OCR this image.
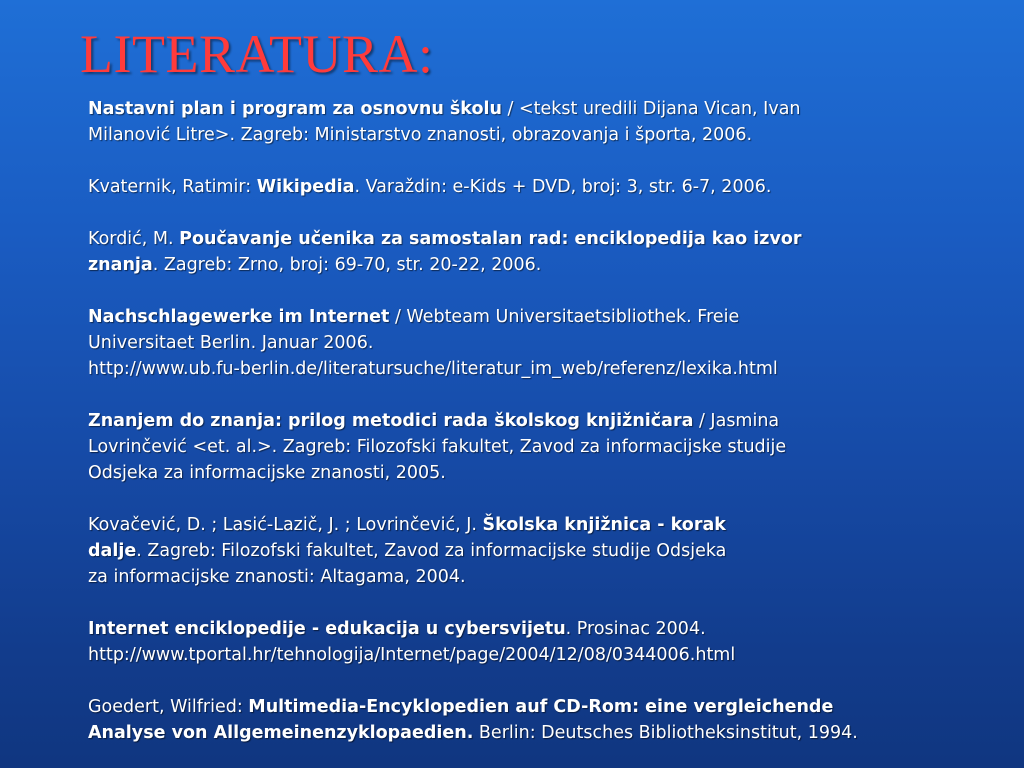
LITERATURA:
Nastavni plan i program za osnovnu školu / <tekst uredili Dijana Vican, Ivan
Milanović Litre>. Zagreb: Ministarstvo znanosti, obrazovanja i športa, 2006.
Kvaternik, Ratimir: Wikipedia. Varaždin: e-Kids + DVD, broj: 3, str. 6-7, 2006.
Kordić, M. Poučavanje učenika za samostalan rad: enciklopedija kao izvor
znanja. Zagreb: Zrno, broj: 69-70, str. 20-22, 2006.
Nachschlagewerke im Internet / Webteam Universitaetsibliothek. Freie
Universitaet Berlin. Januar 2006.
http://www.ub.fu-berlin.de/literatursuche/literatur_im_web/referenz/lexika.html
Znanjem do znanja: prilog metodici rada školskog knjižničara / Jasmina
Lovrinčević <et. al.>. Zagreb: Filozofski fakultet, Zavod za informacijske studije
Odsjeka za informacijske znanosti, 2005.
Kovačević, D. ; Lasić-Lazič, J. ; Lovrinčević, J. Školska knjižnica - korak
dalje. Zagreb: Filozofski fakultet, Zavod za informacijske studije Odsjeka
za informacijske znanosti: Altagama, 2004.
Internet enciklopedije - edukacija u cybersvijetu. Prosinac 2004.
http://www.tportal.hr/tehnologija/Internet/page/2004/12/08/0344006.html
Goedert, Wilfried: Multimedia-Encyklopedien auf CD-Rom: eine vergleichende
Analyse von Allgemeinenzyklopaedien. Berlin: Deutsches Bibliotheksinstitut, 1994.
